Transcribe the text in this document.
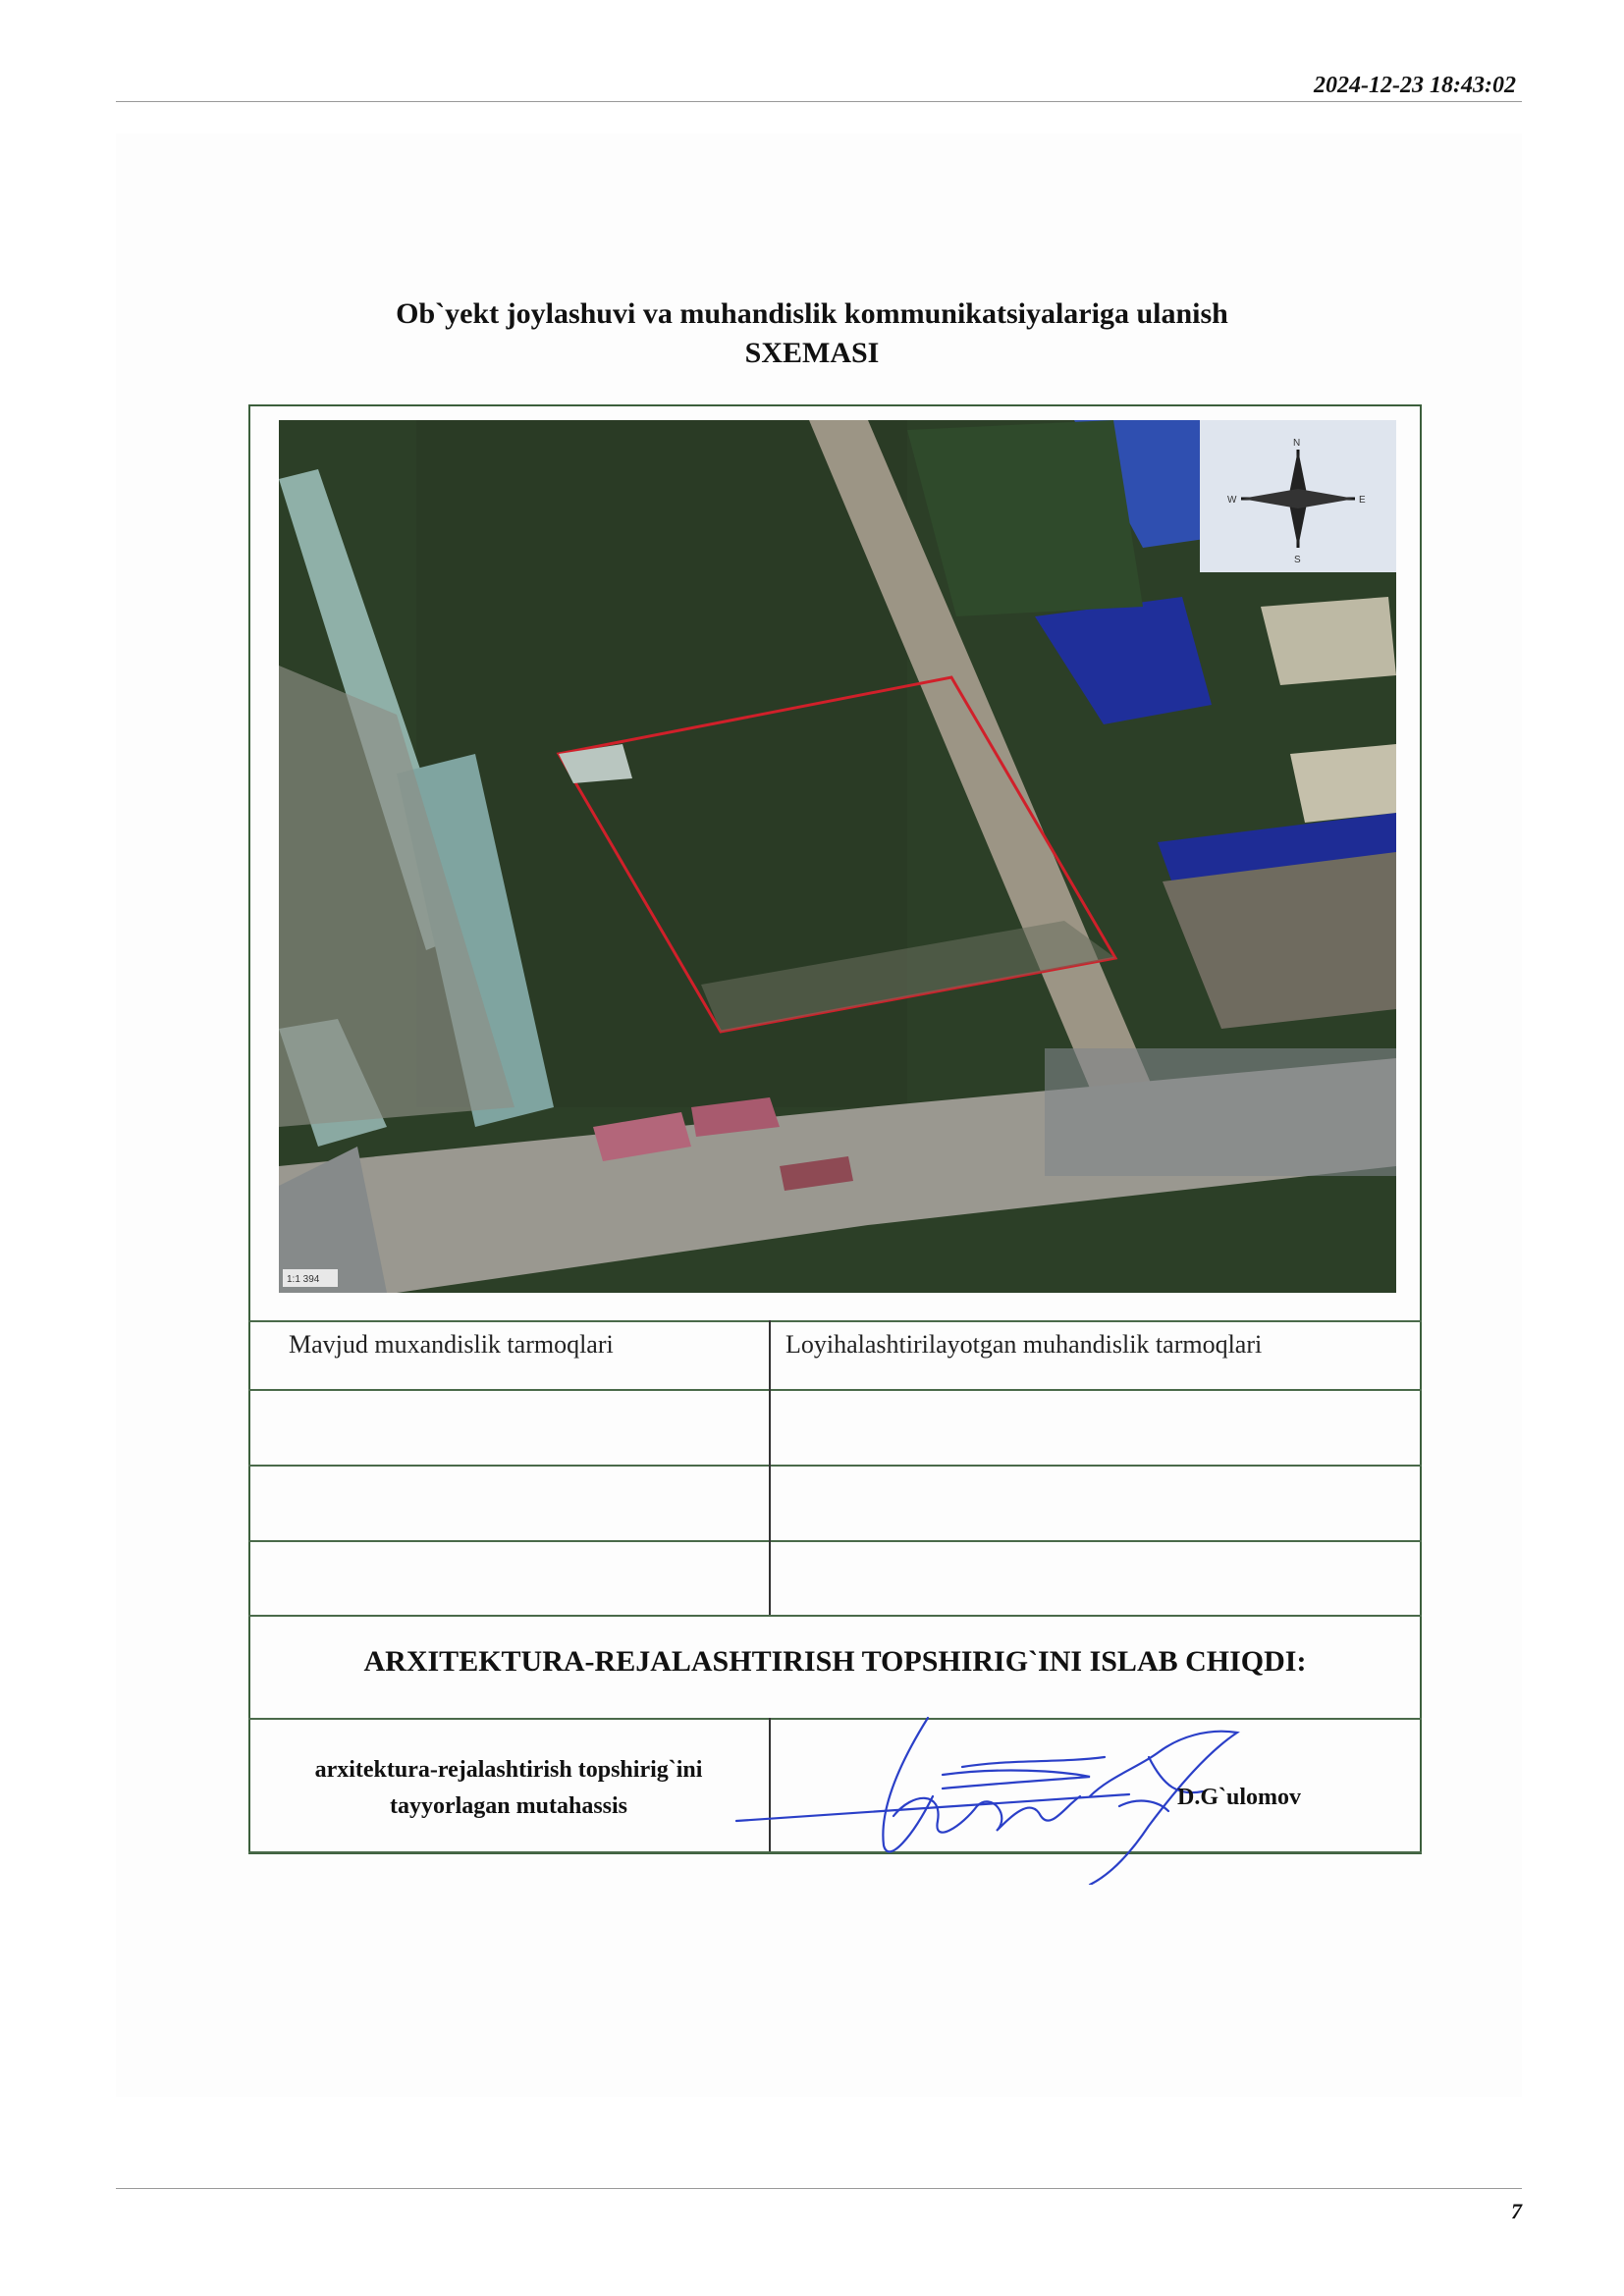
2024-12-23 18:43:02
Ob`yekt joylashuvi va muhandislik kommunikatsiyalariga ulanish
SXEMASI
N
S
W	E
1:1 394
Mavjud muxandislik tarmoqlari	Loyihalashtirilayotgan muhandislik tarmoqlari
ARXITEKTURA-REJALASHTIRISH TOPSHIRIG`INI ISLAB CHIQDI:
arxitektura-rejalashtirish topshirig`ini
tayyorlagan mutahassis	D.G`ulomov
7
